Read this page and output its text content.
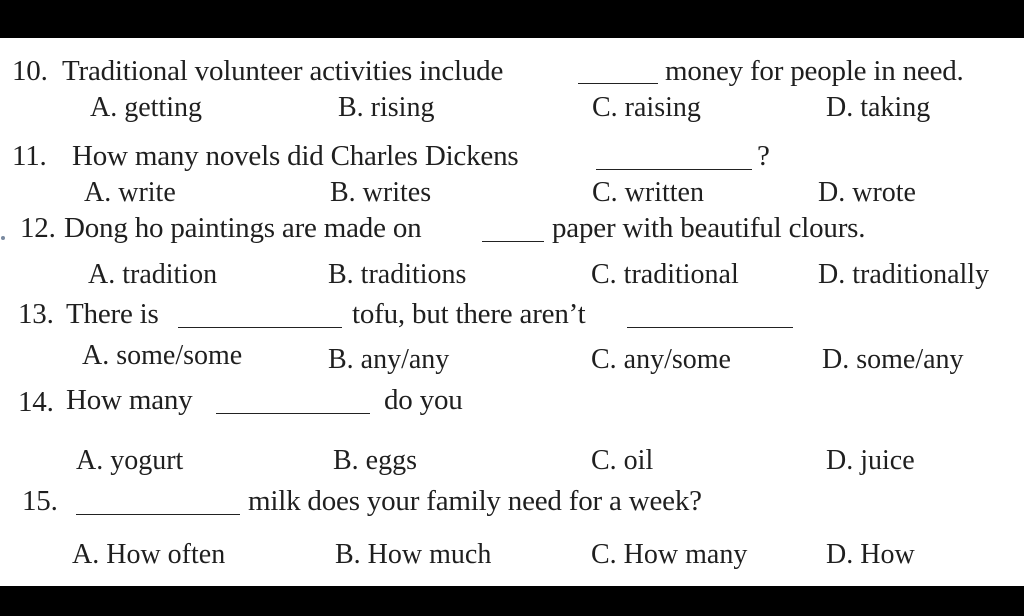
10. Traditional volunteer activities include	money for people in need.
A. getting	B. rising	C. raising	D. taking
11. How many novels did Charles Dickens	?
A. write	B. writes	C. written	D. wrote
12. Dong ho paintings are made on	paper with beautiful clours.
A. tradition	B. traditions	C. traditional	D. traditionally
13. There is	tofu, but there aren’t
A. some/some	B. any/any	C. any/some	D. some/any
14. How many	do you
A. yogurt	B. eggs	C. oil	D. juice
15.	milk does your family need for a week?
A. How often	B. How much	C. How many	D. How
